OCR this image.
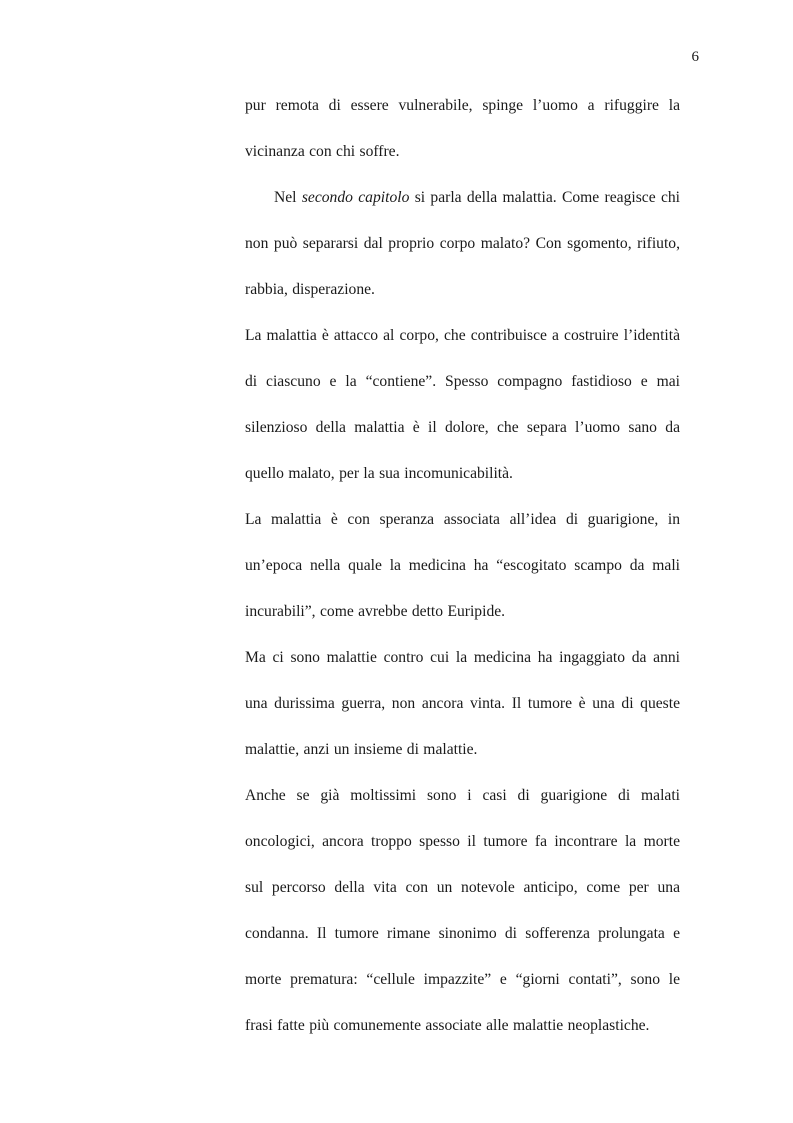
6
pur remota di essere vulnerabile, spinge l’uomo a rifuggire la
vicinanza con chi soffre.
Nel secondo capitolo si parla della malattia. Come reagisce chi
non può separarsi dal proprio corpo malato? Con sgomento, rifiuto,
rabbia, disperazione.
La malattia è attacco al corpo, che contribuisce a costruire l’identità
di ciascuno e la “contiene”. Spesso compagno fastidioso e mai
silenzioso della malattia è il dolore, che separa l’uomo sano da
quello malato, per la sua incomunicabilità.
La malattia è con speranza associata all’idea di guarigione, in
un’epoca nella quale la medicina ha “escogitato scampo da mali
incurabili”, come avrebbe detto Euripide.
Ma ci sono malattie contro cui la medicina ha ingaggiato da anni
una durissima guerra, non ancora vinta. Il tumore è una di queste
malattie, anzi un insieme di malattie.
Anche se già moltissimi sono i casi di guarigione di malati
oncologici, ancora troppo spesso il tumore fa incontrare la morte
sul percorso della vita con un notevole anticipo, come per una
condanna. Il tumore rimane sinonimo di sofferenza prolungata e
morte prematura: “cellule impazzite” e “giorni contati”, sono le
frasi fatte più comunemente associate alle malattie neoplastiche.
